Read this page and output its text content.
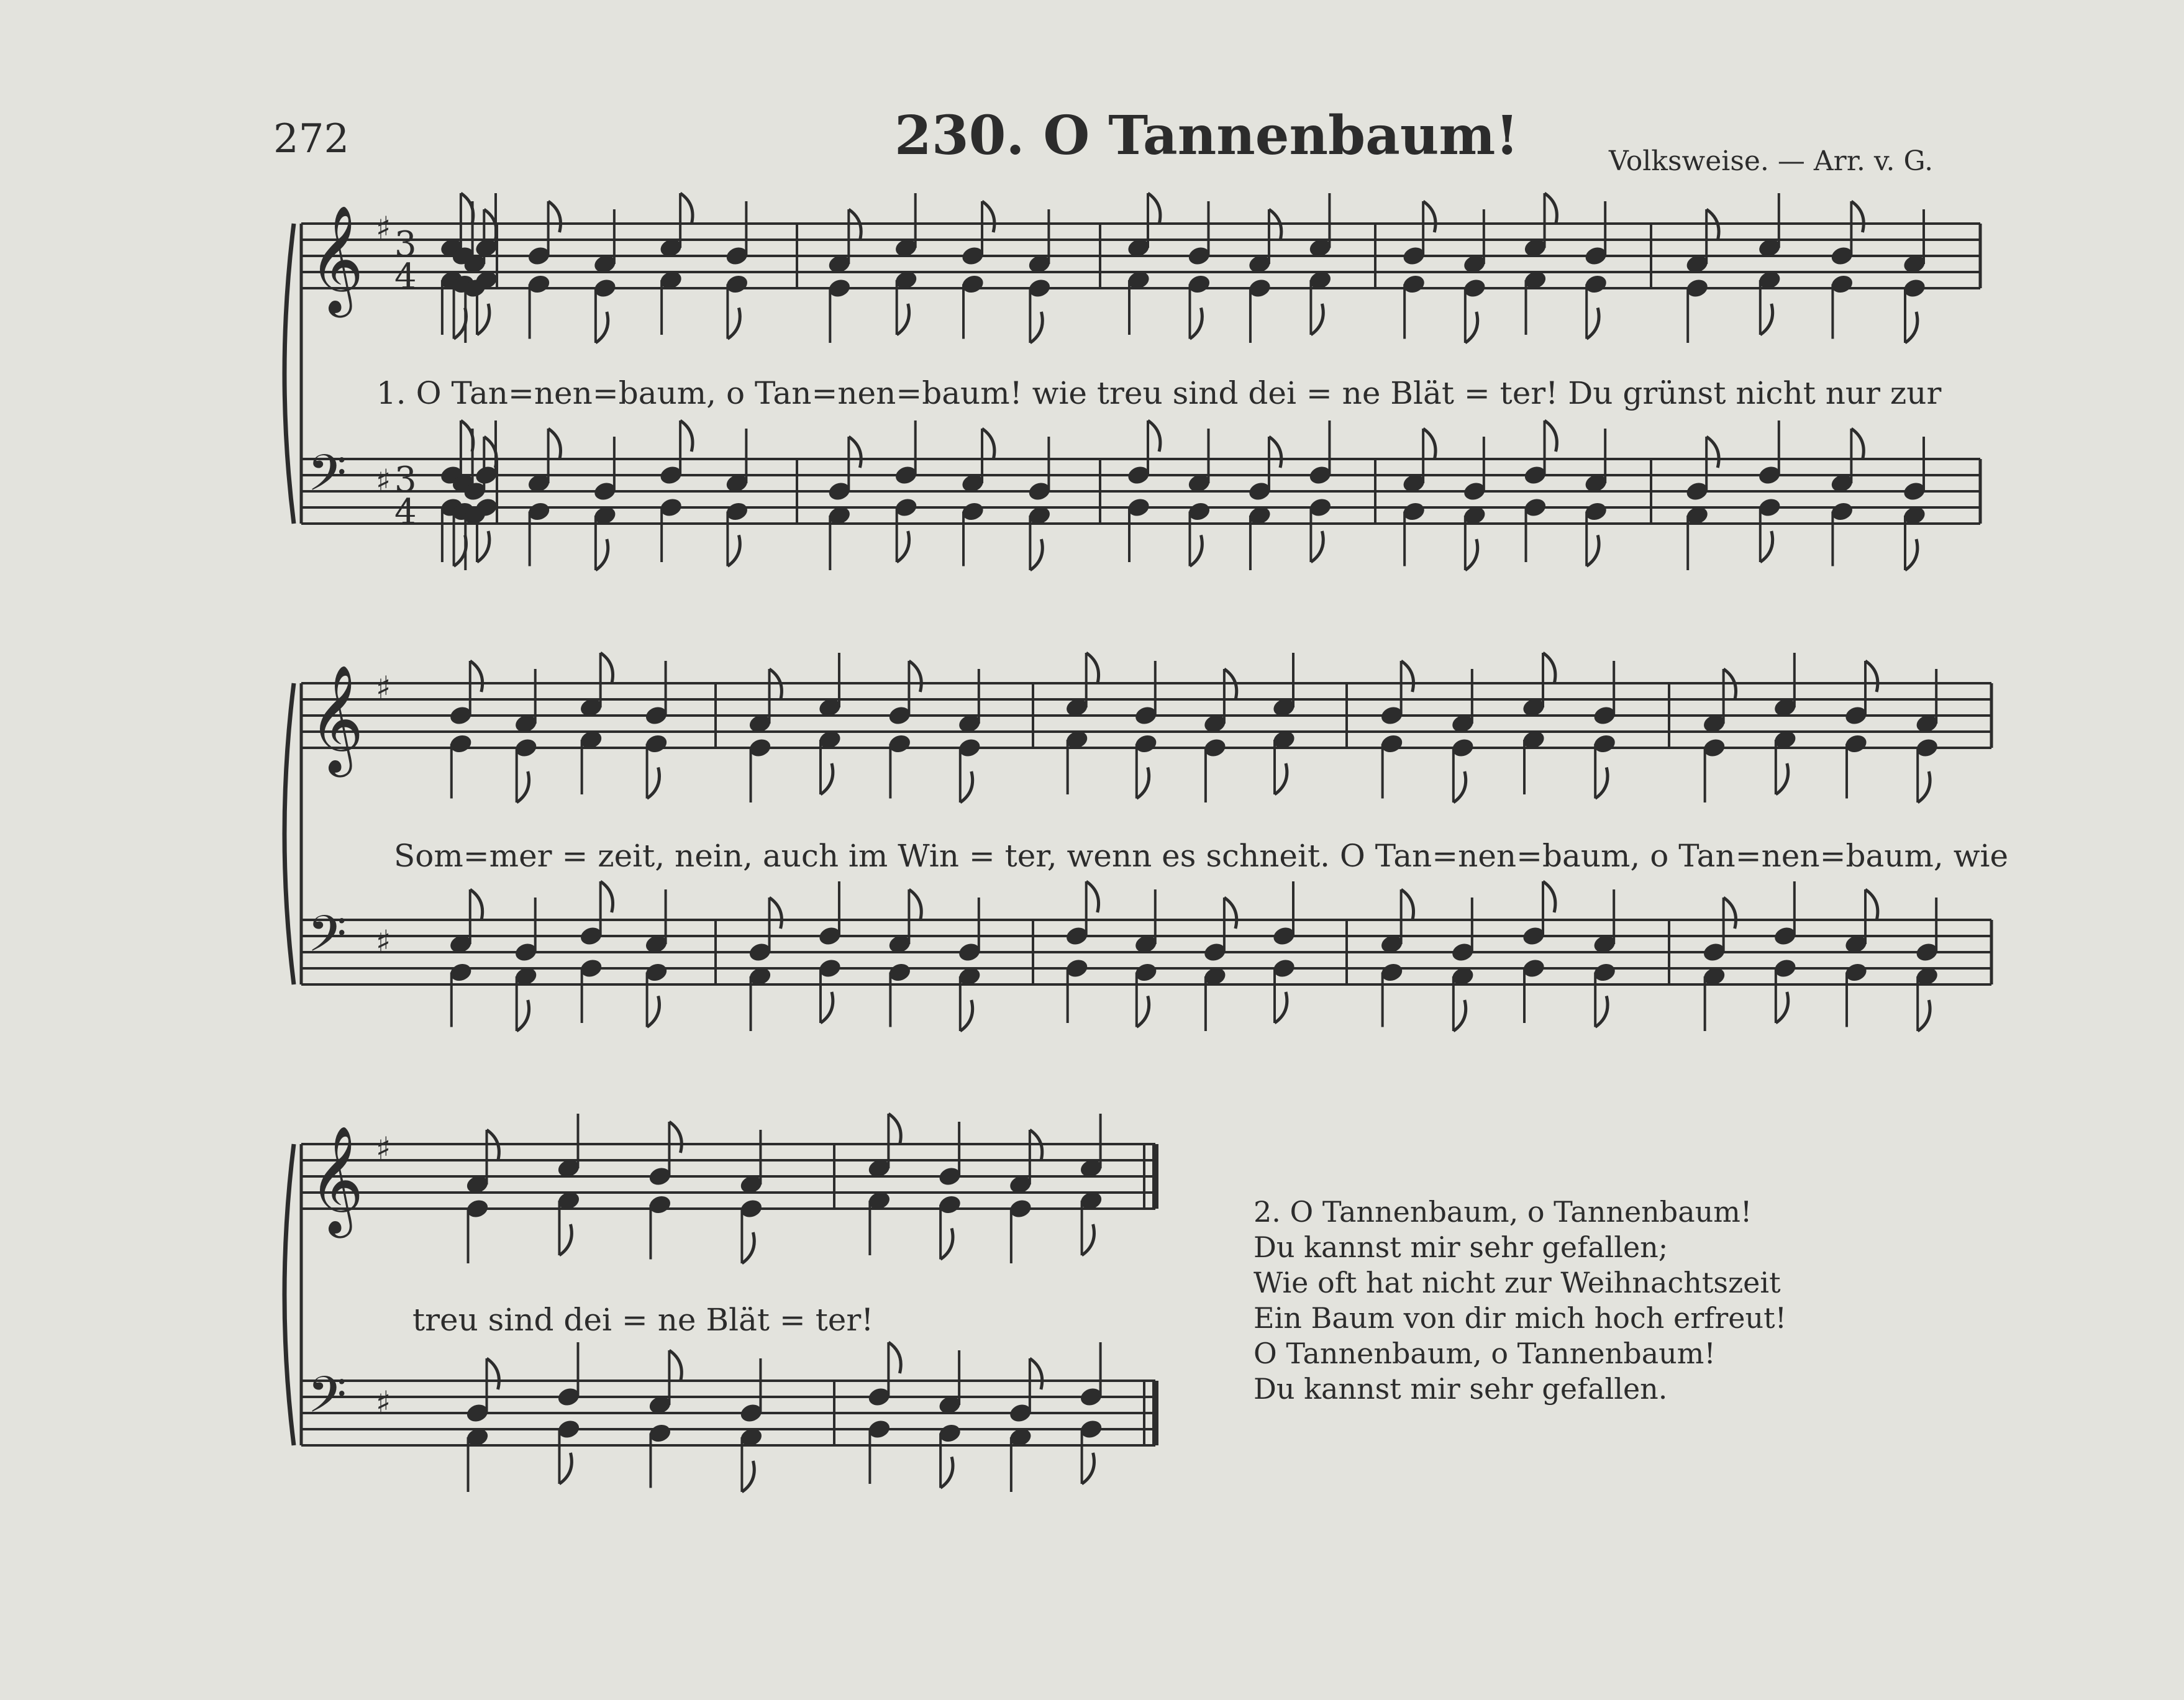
𝄞
𝄢
♯
♯
3
4
3
4
𝄞
𝄢
♯
♯
𝄞
𝄢
♯
♯
272	230. O Tannenbaum!	Volksweise. — Arr. v. G.
1. O Tan=nen=baum, o Tan=nen=baum! wie treu sind dei = ne Blät = ter! Du grünst nicht nur zur
Som=mer = zeit, nein, auch im Win = ter, wenn es schneit. O Tan=nen=baum, o Tan=nen=baum, wie
treu sind dei = ne Blät = ter!
2. O Tannenbaum, o Tannenbaum!
Du kannst mir sehr gefallen;
Wie oft hat nicht zur Weihnachtszeit
Ein Baum von dir mich hoch erfreut!
O Tannenbaum, o Tannenbaum!
Du kannst mir sehr gefallen.
